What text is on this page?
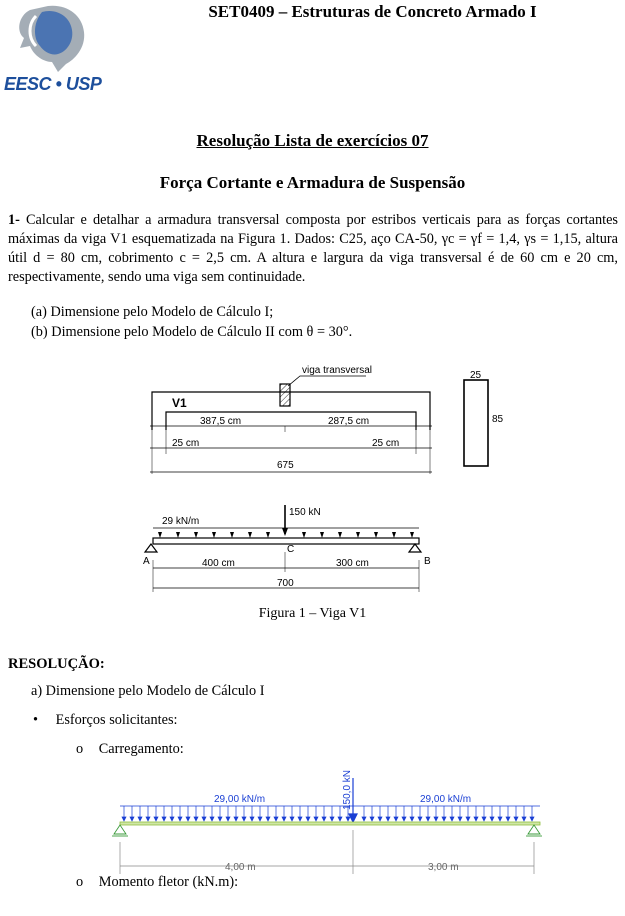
EESC • USP
SET0409 – Estruturas de Concreto Armado I
Resolução Lista de exercícios 07
Força Cortante e Armadura de Suspensão
1- Calcular e detalhar a armadura transversal composta por estribos verticais para as forças cortantes máximas da viga V1 esquematizada na Figura 1. Dados: C25, aço CA-50, γc = γf = 1,4, γs = 1,15, altura útil d = 80 cm, cobrimento c = 2,5 cm. A altura e largura da viga transversal é de 60 cm e 20 cm, respectivamente, sendo uma viga sem continuidade.
(a) Dimensione pelo Modelo de Cálculo I;
(b) Dimensione pelo Modelo de Cálculo II com θ = 30°.
V1
viga transversal
387,5 cm	287,5 cm
25 cm	25 cm
675
25
85
29 kN/m
150 kN
A	B
C
400 cm	300 cm
700
Figura 1 – Viga V1
RESOLUÇÃO:
a) Dimensione pelo Modelo de Cálculo I
• Esforços solicitantes:
o Carregamento:
29,00 kN/m	29,00 kN/m
150,0 kN
4,00 m	3,00 m
o Momento fletor (kN.m):
